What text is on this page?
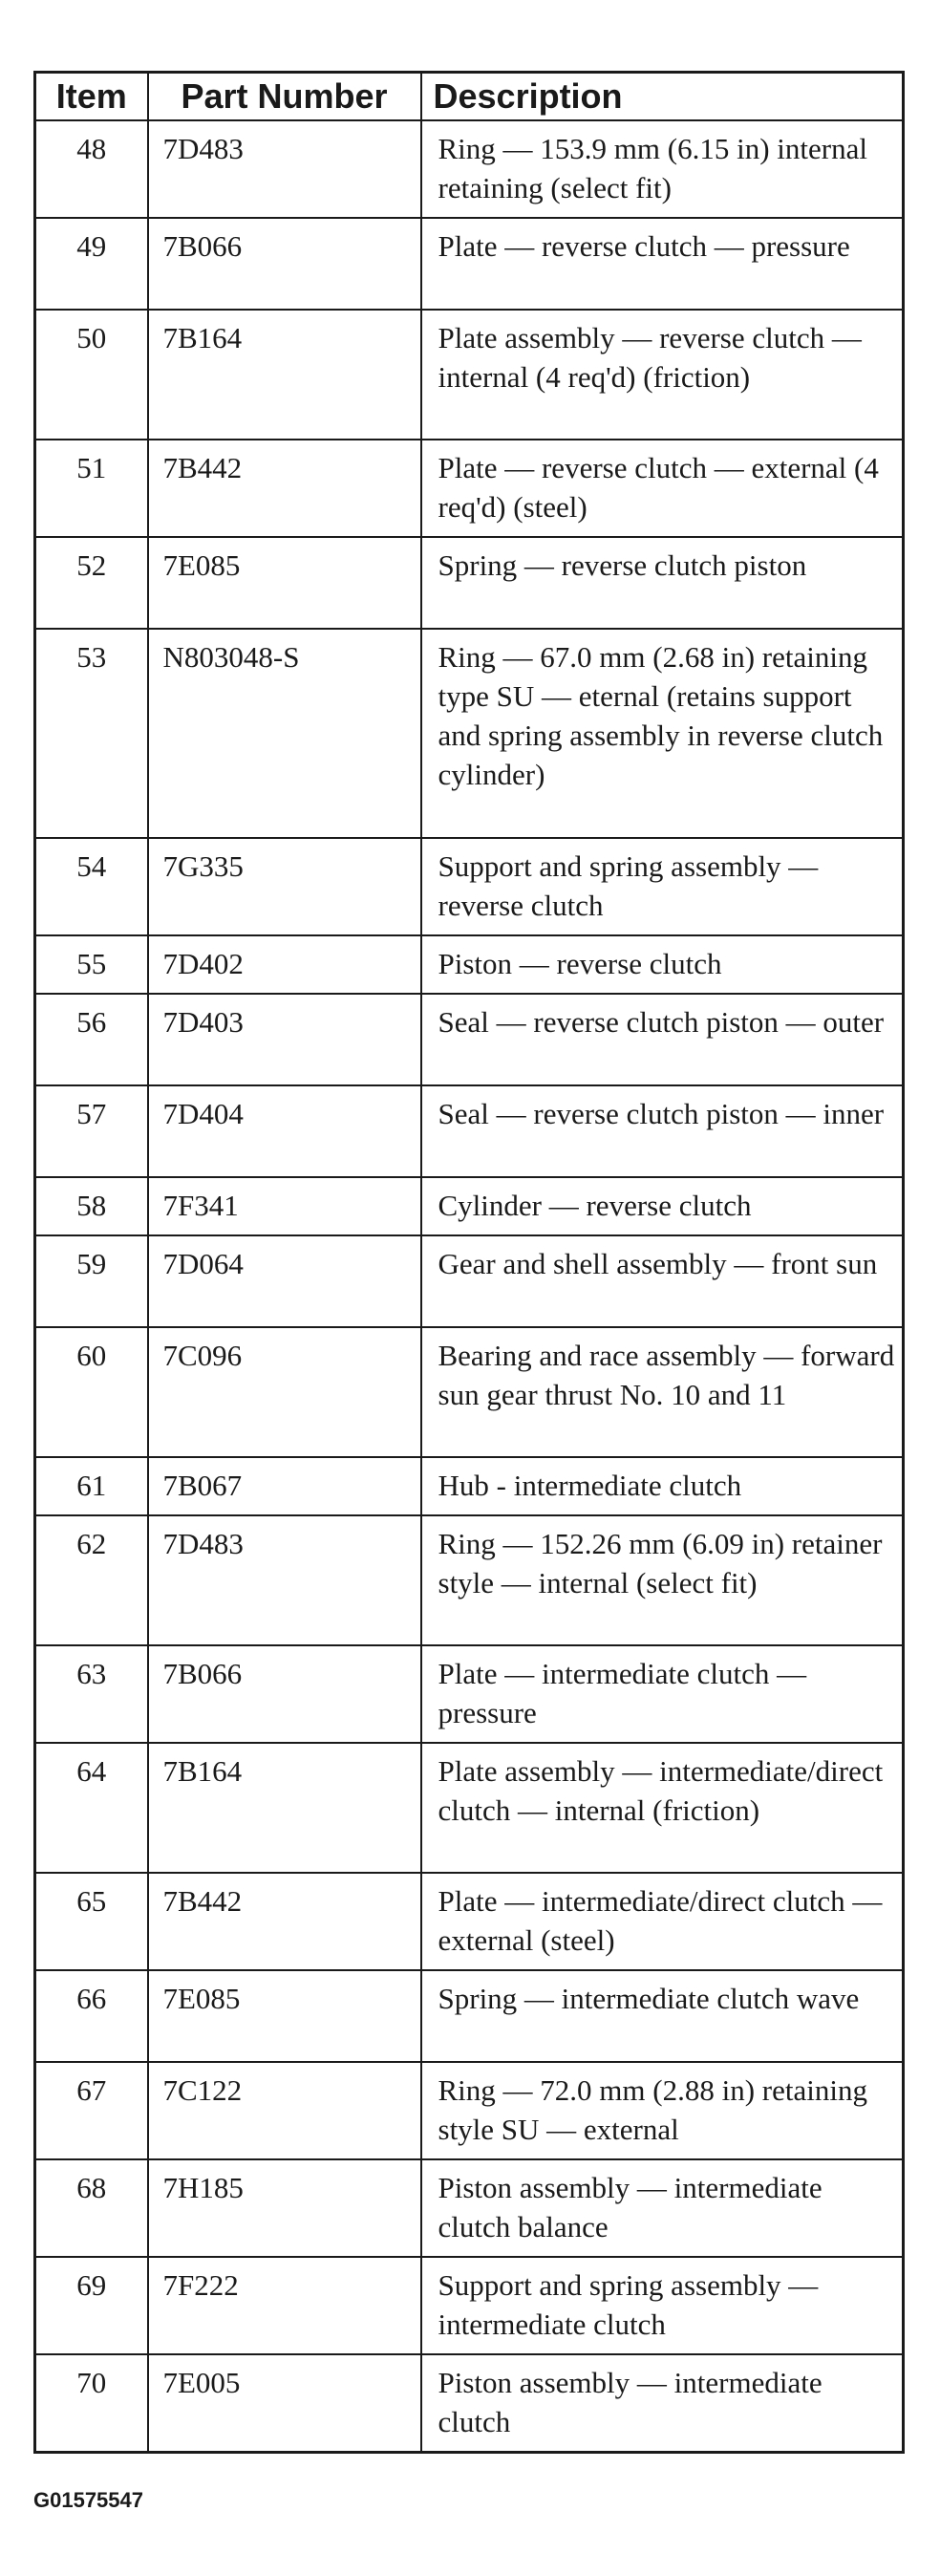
Item	Part Number	Description
48	7D483	Ring — 153.9 mm (6.15 in) internal retaining (select fit)
49	7B066	Plate — reverse clutch — pressure
50	7B164	Plate assembly — reverse clutch — internal (4 req'd) (friction)
51	7B442	Plate — reverse clutch — external (4 req'd) (steel)
52	7E085	Spring — reverse clutch piston
53	N803048-S	Ring — 67.0 mm (2.68 in) retaining type SU — eternal (retains support and spring assembly in reverse clutch cylinder)
54	7G335	Support and spring assembly — reverse clutch
55	7D402	Piston — reverse clutch
56	7D403	Seal — reverse clutch piston — outer
57	7D404	Seal — reverse clutch piston — inner
58	7F341	Cylinder — reverse clutch
59	7D064	Gear and shell assembly — front sun
60	7C096	Bearing and race assembly — forward sun gear thrust No. 10 and 11
61	7B067	Hub - intermediate clutch
62	7D483	Ring — 152.26 mm (6.09 in) retainer style — internal (select fit)
63	7B066	Plate — intermediate clutch — pressure
64	7B164	Plate assembly — intermediate/direct clutch — internal (friction)
65	7B442	Plate — intermediate/direct clutch — external (steel)
66	7E085	Spring — intermediate clutch wave
67	7C122	Ring — 72.0 mm (2.88 in) retaining style SU — external
68	7H185	Piston assembly — intermediate clutch balance
69	7F222	Support and spring assembly — intermediate clutch
70	7E005	Piston assembly — intermediate clutch
G01575547
